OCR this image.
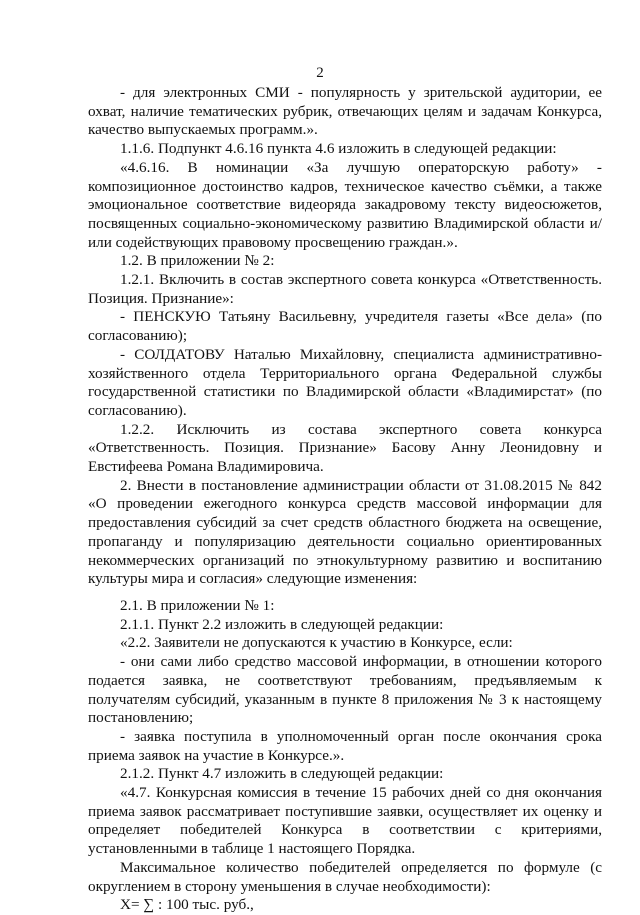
2

- для электронных СМИ - популярность у зрительской аудитории, ее охват, наличие тематических рубрик, отвечающих целям и задачам Конкурса, качество выпускаемых программ.».

1.1.6. Подпункт 4.6.16 пункта 4.6 изложить в следующей редакции:

«4.6.16. В номинации «За лучшую операторскую работу» - композиционное достоинство кадров, техническое качество съёмки, а также эмоциональное соответствие видеоряда закадровому тексту видеосюжетов, посвященных социально-экономическому развитию Владимирской области и/или содействующих правовому просвещению граждан.».

1.2. В приложении № 2:

1.2.1. Включить в состав экспертного совета конкурса «Ответственность. Позиция. Признание»:

- ПЕНСКУЮ Татьяну Васильевну, учредителя газеты «Все дела» (по согласованию);

- СОЛДАТОВУ Наталью Михайловну, специалиста административно-хозяйственного отдела Территориального органа Федеральной службы государственной статистики по Владимирской области «Владимирстат» (по согласованию).

1.2.2. Исключить из состава экспертного совета конкурса «Ответственность. Позиция. Признание» Басову Анну Леонидовну и Евстифеева Романа Владимировича.

2. Внести в постановление администрации области от 31.08.2015 № 842 «О проведении ежегодного конкурса средств массовой информации для предоставления субсидий за счет средств областного бюджета на освещение, пропаганду и популяризацию деятельности социально ориентированных некоммерческих организаций по этнокультурному развитию и воспитанию культуры мира и согласия» следующие изменения:

2.1. В приложении № 1:

2.1.1. Пункт 2.2 изложить в следующей редакции:

«2.2. Заявители не допускаются к участию в Конкурсе, если:

- они сами либо средство массовой информации, в отношении которого подается заявка, не соответствуют требованиям, предъявляемым к получателям субсидий, указанным в пункте 8 приложения № 3 к настоящему постановлению;

- заявка поступила в уполномоченный орган после окончания срока приема заявок на участие в Конкурсе.».

2.1.2. Пункт 4.7 изложить в следующей редакции:

«4.7. Конкурсная комиссия в течение 15 рабочих дней со дня окончания приема заявок рассматривает поступившие заявки, осуществляет их оценку и определяет победителей Конкурса в соответствии с критериями, установленными в таблице 1 настоящего Порядка.

Максимальное количество победителей определяется по формуле (с округлением в сторону уменьшения в случае необходимости):

X= ∑ : 100 тыс. руб.,
